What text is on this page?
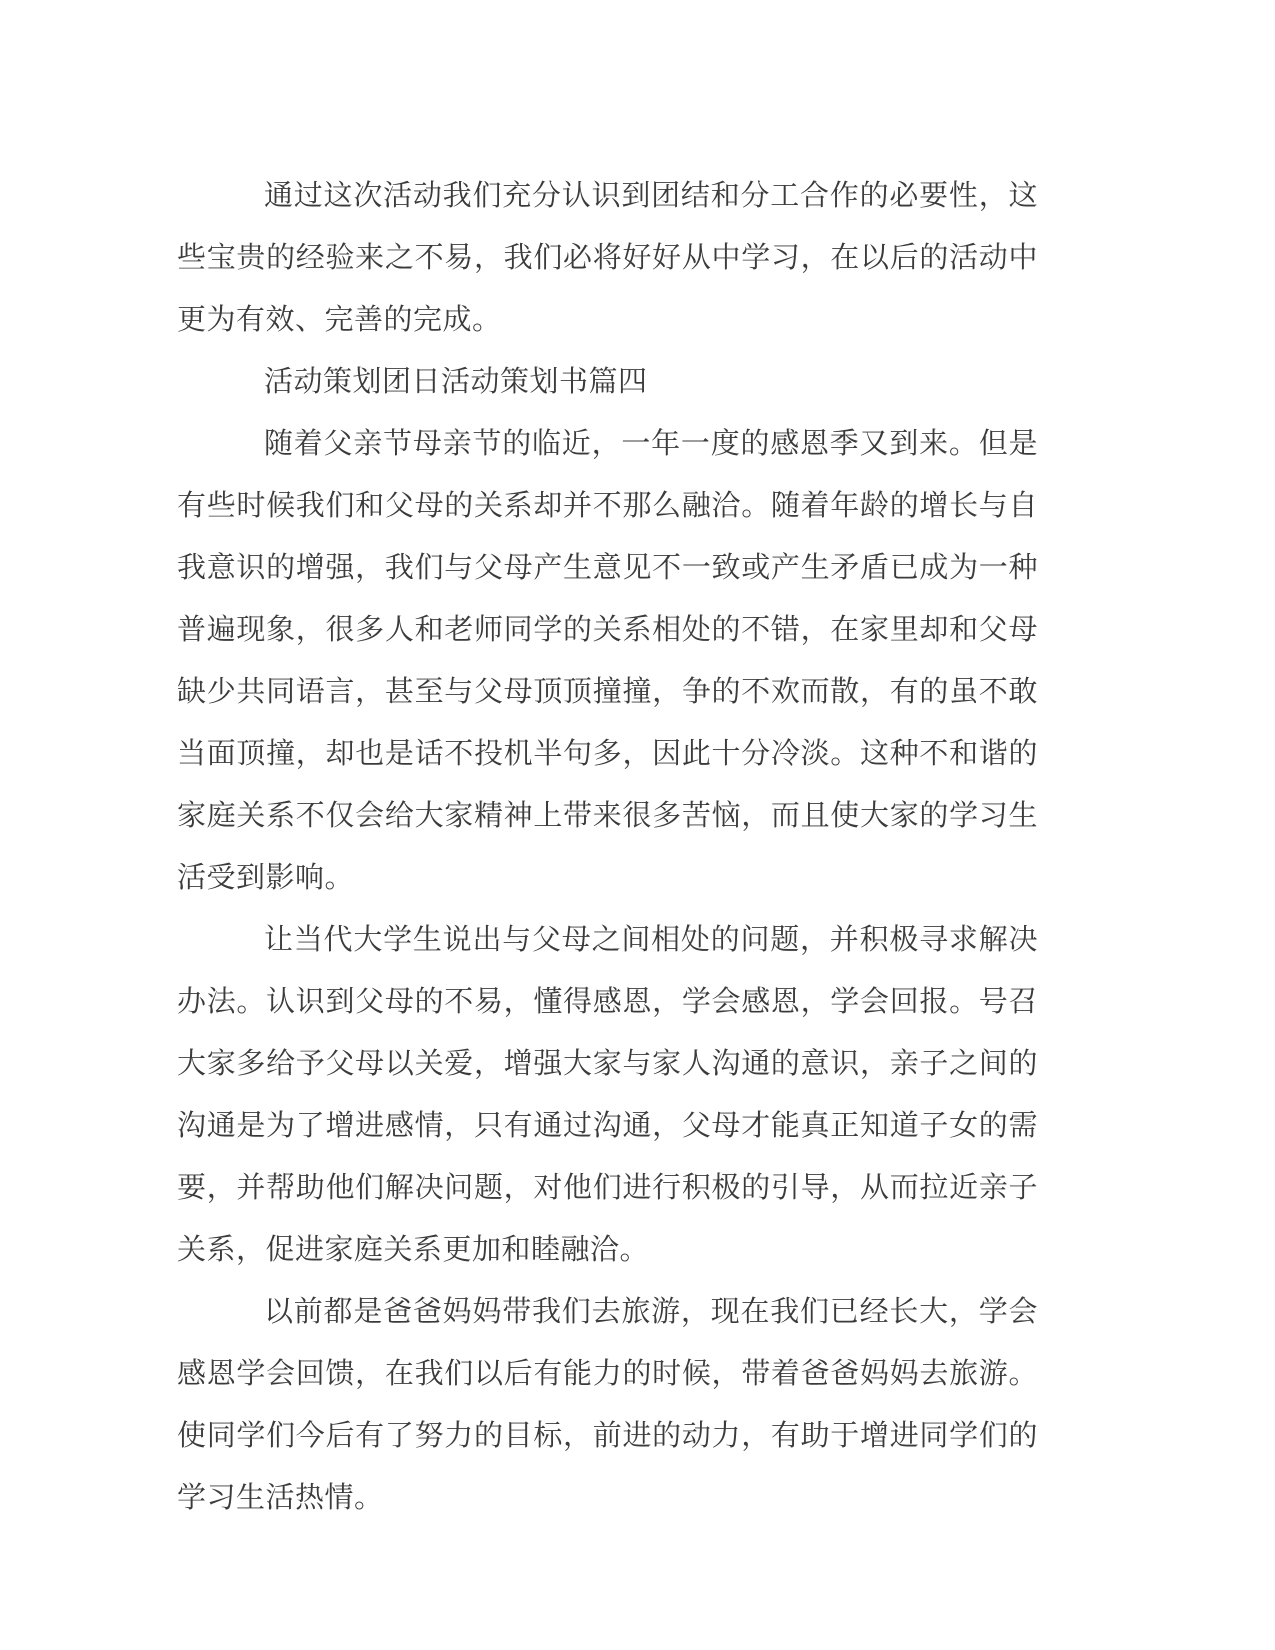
通过这次活动我们充分认识到团结和分工合作的必要性，这些宝贵的经验来之不易，我们必将好好从中学习，在以后的活动中更为有效、完善的完成。

活动策划团日活动策划书篇四

随着父亲节母亲节的临近，一年一度的感恩季又到来。但是有些时候我们和父母的关系却并不那么融洽。随着年龄的增长与自我意识的增强，我们与父母产生意见不一致或产生矛盾已成为一种普遍现象，很多人和老师同学的关系相处的不错，在家里却和父母缺少共同语言，甚至与父母顶顶撞撞，争的不欢而散，有的虽不敢当面顶撞，却也是话不投机半句多，因此十分冷淡。这种不和谐的家庭关系不仅会给大家精神上带来很多苦恼，而且使大家的学习生活受到影响。

让当代大学生说出与父母之间相处的问题，并积极寻求解决办法。认识到父母的不易，懂得感恩，学会感恩，学会回报。号召大家多给予父母以关爱，增强大家与家人沟通的意识，亲子之间的沟通是为了增进感情，只有通过沟通，父母才能真正知道子女的需要，并帮助他们解决问题，对他们进行积极的引导，从而拉近亲子关系，促进家庭关系更加和睦融洽。

以前都是爸爸妈妈带我们去旅游，现在我们已经长大，学会感恩学会回馈，在我们以后有能力的时候，带着爸爸妈妈去旅游。使同学们今后有了努力的目标，前进的动力，有助于增进同学们的学习生活热情。
